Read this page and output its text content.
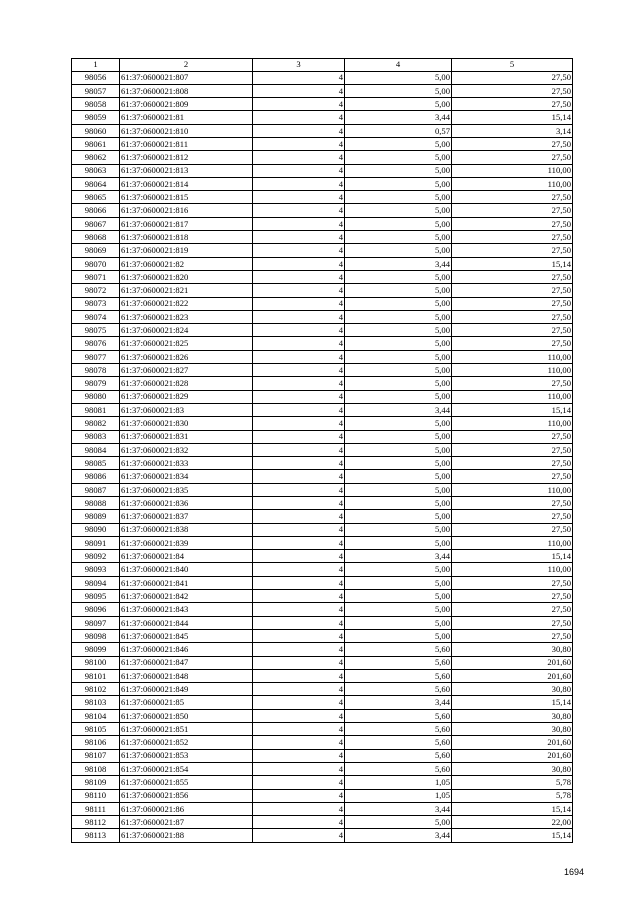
1	2	3	4	5
98056	61:37:0600021:807	4	5,00	27,50
98057	61:37:0600021:808	4	5,00	27,50
98058	61:37:0600021:809	4	5,00	27,50
98059	61:37:0600021:81	4	3,44	15,14
98060	61:37:0600021:810	4	0,57	3,14
98061	61:37:0600021:811	4	5,00	27,50
98062	61:37:0600021:812	4	5,00	27,50
98063	61:37:0600021:813	4	5,00	110,00
98064	61:37:0600021:814	4	5,00	110,00
98065	61:37:0600021:815	4	5,00	27,50
98066	61:37:0600021:816	4	5,00	27,50
98067	61:37:0600021:817	4	5,00	27,50
98068	61:37:0600021:818	4	5,00	27,50
98069	61:37:0600021:819	4	5,00	27,50
98070	61:37:0600021:82	4	3,44	15,14
98071	61:37:0600021:820	4	5,00	27,50
98072	61:37:0600021:821	4	5,00	27,50
98073	61:37:0600021:822	4	5,00	27,50
98074	61:37:0600021:823	4	5,00	27,50
98075	61:37:0600021:824	4	5,00	27,50
98076	61:37:0600021:825	4	5,00	27,50
98077	61:37:0600021:826	4	5,00	110,00
98078	61:37:0600021:827	4	5,00	110,00
98079	61:37:0600021:828	4	5,00	27,50
98080	61:37:0600021:829	4	5,00	110,00
98081	61:37:0600021:83	4	3,44	15,14
98082	61:37:0600021:830	4	5,00	110,00
98083	61:37:0600021:831	4	5,00	27,50
98084	61:37:0600021:832	4	5,00	27,50
98085	61:37:0600021:833	4	5,00	27,50
98086	61:37:0600021:834	4	5,00	27,50
98087	61:37:0600021:835	4	5,00	110,00
98088	61:37:0600021:836	4	5,00	27,50
98089	61:37:0600021:837	4	5,00	27,50
98090	61:37:0600021:838	4	5,00	27,50
98091	61:37:0600021:839	4	5,00	110,00
98092	61:37:0600021:84	4	3,44	15,14
98093	61:37:0600021:840	4	5,00	110,00
98094	61:37:0600021:841	4	5,00	27,50
98095	61:37:0600021:842	4	5,00	27,50
98096	61:37:0600021:843	4	5,00	27,50
98097	61:37:0600021:844	4	5,00	27,50
98098	61:37:0600021:845	4	5,00	27,50
98099	61:37:0600021:846	4	5,60	30,80
98100	61:37:0600021:847	4	5,60	201,60
98101	61:37:0600021:848	4	5,60	201,60
98102	61:37:0600021:849	4	5,60	30,80
98103	61:37:0600021:85	4	3,44	15,14
98104	61:37:0600021:850	4	5,60	30,80
98105	61:37:0600021:851	4	5,60	30,80
98106	61:37:0600021:852	4	5,60	201,60
98107	61:37:0600021:853	4	5,60	201,60
98108	61:37:0600021:854	4	5,60	30,80
98109	61:37:0600021:855	4	1,05	5,78
98110	61:37:0600021:856	4	1,05	5,78
98111	61:37:0600021:86	4	3,44	15,14
98112	61:37:0600021:87	4	5,00	22,00
98113	61:37:0600021:88	4	3,44	15,14
1694
